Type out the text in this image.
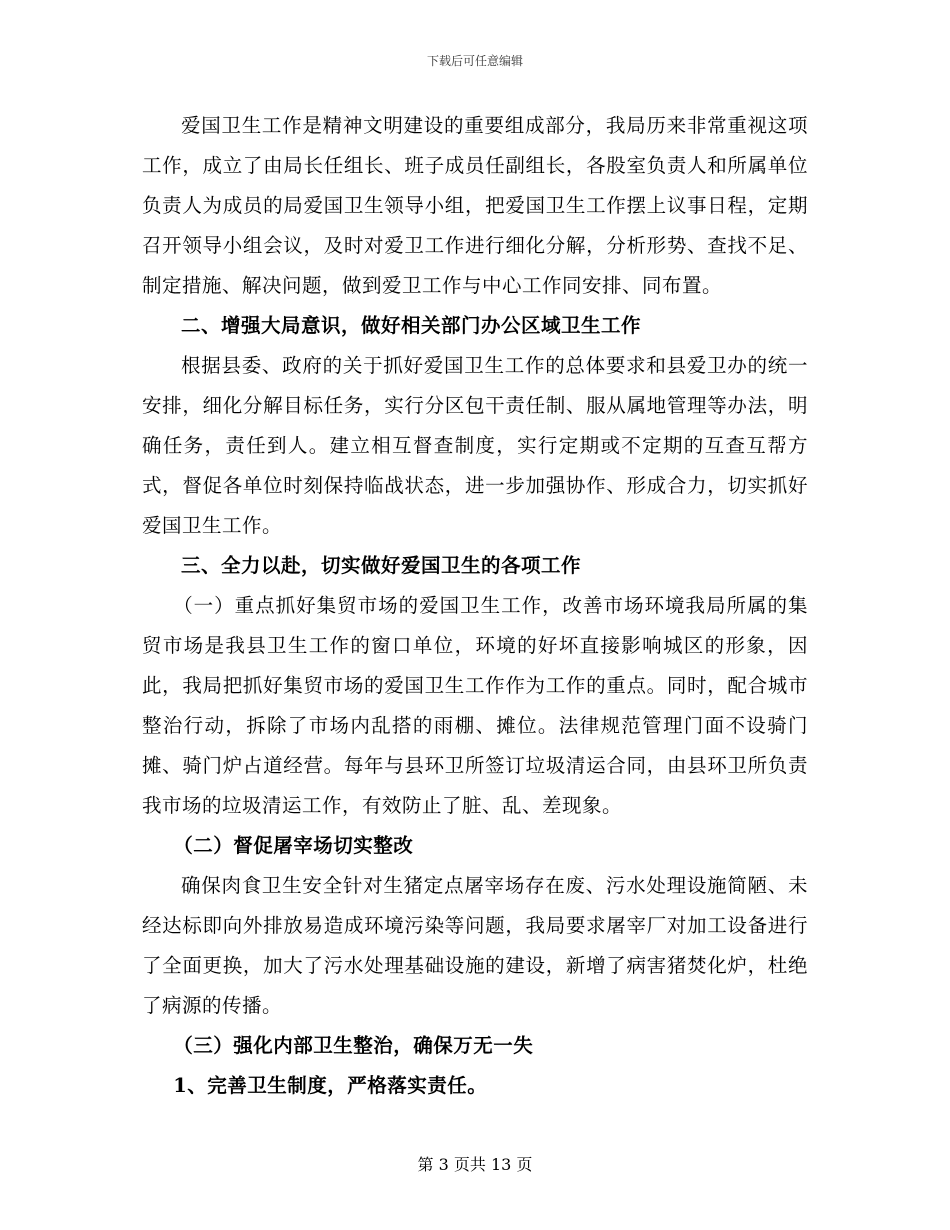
下载后可任意编辑

爱国卫生工作是精神文明建设的重要组成部分，我局历来非常重视这项工作，成立了由局长任组长、班子成员任副组长，各股室负责人和所属单位负责人为成员的局爱国卫生领导小组，把爱国卫生工作摆上议事日程，定期召开领导小组会议，及时对爱卫工作进行细化分解，分析形势、查找不足、制定措施、解决问题，做到爱卫工作与中心工作同安排、同布置。

二、增强大局意识，做好相关部门办公区域卫生工作

根据县委、政府的关于抓好爱国卫生工作的总体要求和县爱卫办的统一安排，细化分解目标任务，实行分区包干责任制、服从属地管理等办法，明确任务，责任到人。建立相互督查制度，实行定期或不定期的互查互帮方式，督促各单位时刻保持临战状态，进一步加强协作、形成合力，切实抓好爱国卫生工作。

三、全力以赴，切实做好爱国卫生的各项工作

（一）重点抓好集贸市场的爱国卫生工作，改善市场环境我局所属的集贸市场是我县卫生工作的窗口单位，环境的好坏直接影响城区的形象，因此，我局把抓好集贸市场的爱国卫生工作作为工作的重点。同时，配合城市整治行动，拆除了市场内乱搭的雨棚、摊位。法律规范管理门面不设骑门摊、骑门炉占道经营。每年与县环卫所签订垃圾清运合同，由县环卫所负责我市场的垃圾清运工作，有效防止了脏、乱、差现象。

（二）督促屠宰场切实整改

确保肉食卫生安全针对生猪定点屠宰场存在废、污水处理设施简陋、未经达标即向外排放易造成环境污染等问题，我局要求屠宰厂对加工设备进行了全面更换，加大了污水处理基础设施的建设，新增了病害猪焚化炉，杜绝了病源的传播。

（三）强化内部卫生整治，确保万无一失

1、完善卫生制度，严格落实责任。

第 3 页共 13 页
